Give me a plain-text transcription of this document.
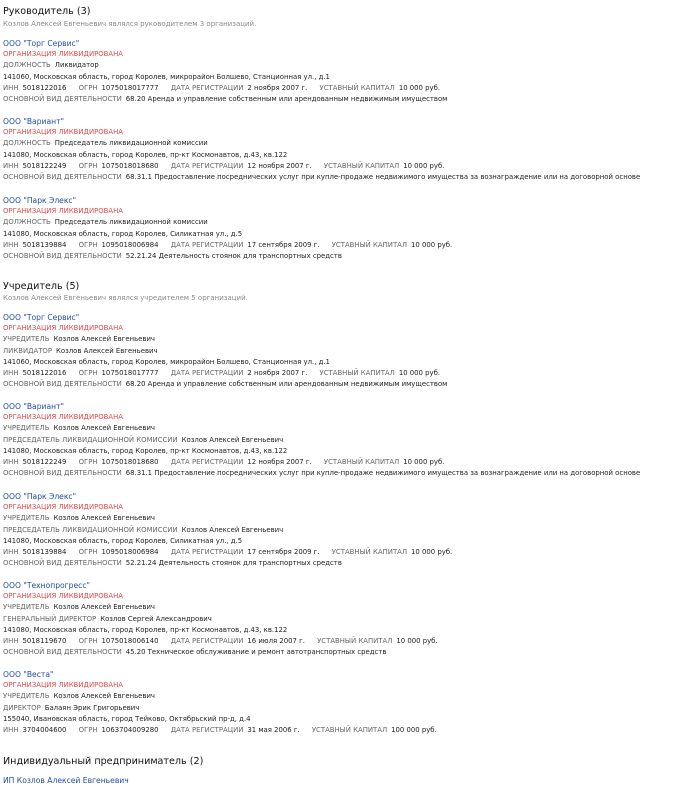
Руководитель (3)
Козлов Алексей Евгеньевич являлся руководителем 3 организаций.
ООО "Торг Сервис"
ОРГАНИЗАЦИЯ ЛИКВИДИРОВАНА
ДОЛЖНОСТЬ Ликвидатор
141060, Московская область, город Королев, микрорайон Болшево, Станционная ул., д.1
ИНН 5018122016 ОГРН 1075018017777 ДАТА РЕГИСТРАЦИИ 2 ноября 2007 г. УСТАВНЫЙ КАПИТАЛ 10 000 руб.
ОСНОВНОЙ ВИД ДЕЯТЕЛЬНОСТИ 68.20 Аренда и управление собственным или арендованным недвижимым имуществом
ООО "Вариант"
ОРГАНИЗАЦИЯ ЛИКВИДИРОВАНА
ДОЛЖНОСТЬ Председатель ликвидационной комиссии
141080, Московская область, город Королев, пр-кт Космонавтов, д.43, кв.122
ИНН 5018122249 ОГРН 1075018018680 ДАТА РЕГИСТРАЦИИ 12 ноября 2007 г. УСТАВНЫЙ КАПИТАЛ 10 000 руб.
ОСНОВНОЙ ВИД ДЕЯТЕЛЬНОСТИ 68.31.1 Предоставление посреднических услуг при купле-продаже недвижимого имущества за вознаграждение или на договорной основе
ООО "Парк Элекс"
ОРГАНИЗАЦИЯ ЛИКВИДИРОВАНА
ДОЛЖНОСТЬ Председатель ликвидационной комиссии
141080, Московская область, город Королев, Силикатная ул., д.5
ИНН 5018139884 ОГРН 1095018006984 ДАТА РЕГИСТРАЦИИ 17 сентября 2009 г. УСТАВНЫЙ КАПИТАЛ 10 000 руб.
ОСНОВНОЙ ВИД ДЕЯТЕЛЬНОСТИ 52.21.24 Деятельность стоянок для транспортных средств
Учредитель (5)
Козлов Алексей Евгеньевич являлся учредителем 5 организаций.
ООО "Торг Сервис"
ОРГАНИЗАЦИЯ ЛИКВИДИРОВАНА
УЧРЕДИТЕЛЬ Козлов Алексей Евгеньевич
ЛИКВИДАТОР Козлов Алексей Евгеньевич
141060, Московская область, город Королев, микрорайон Болшево, Станционная ул., д.1
ИНН 5018122016 ОГРН 1075018017777 ДАТА РЕГИСТРАЦИИ 2 ноября 2007 г. УСТАВНЫЙ КАПИТАЛ 10 000 руб.
ОСНОВНОЙ ВИД ДЕЯТЕЛЬНОСТИ 68.20 Аренда и управление собственным или арендованным недвижимым имуществом
ООО "Вариант"
ОРГАНИЗАЦИЯ ЛИКВИДИРОВАНА
УЧРЕДИТЕЛЬ Козлов Алексей Евгеньевич
ПРЕДСЕДАТЕЛЬ ЛИКВИДАЦИОННОЙ КОМИССИИ Козлов Алексей Евгеньевич
141080, Московская область, город Королев, пр-кт Космонавтов, д.43, кв.122
ИНН 5018122249 ОГРН 1075018018680 ДАТА РЕГИСТРАЦИИ 12 ноября 2007 г. УСТАВНЫЙ КАПИТАЛ 10 000 руб.
ОСНОВНОЙ ВИД ДЕЯТЕЛЬНОСТИ 68.31.1 Предоставление посреднических услуг при купле-продаже недвижимого имущества за вознаграждение или на договорной основе
ООО "Парк Элекс"
ОРГАНИЗАЦИЯ ЛИКВИДИРОВАНА
УЧРЕДИТЕЛЬ Козлов Алексей Евгеньевич
ПРЕДСЕДАТЕЛЬ ЛИКВИДАЦИОННОЙ КОМИССИИ Козлов Алексей Евгеньевич
141080, Московская область, город Королев, Силикатная ул., д.5
ИНН 5018139884 ОГРН 1095018006984 ДАТА РЕГИСТРАЦИИ 17 сентября 2009 г. УСТАВНЫЙ КАПИТАЛ 10 000 руб.
ОСНОВНОЙ ВИД ДЕЯТЕЛЬНОСТИ 52.21.24 Деятельность стоянок для транспортных средств
ООО "Технопрогресс"
ОРГАНИЗАЦИЯ ЛИКВИДИРОВАНА
УЧРЕДИТЕЛЬ Козлов Алексей Евгеньевич
ГЕНЕРАЛЬНЫЙ ДИРЕКТОР Козлов Сергей Александрович
141080, Московская область, город Королев, пр-кт Космонавтов, д.43, кв.122
ИНН 5018119670 ОГРН 1075018006140 ДАТА РЕГИСТРАЦИИ 16 июля 2007 г. УСТАВНЫЙ КАПИТАЛ 10 000 руб.
ОСНОВНОЙ ВИД ДЕЯТЕЛЬНОСТИ 45.20 Техническое обслуживание и ремонт автотранспортных средств
ООО "Веста"
ОРГАНИЗАЦИЯ ЛИКВИДИРОВАНА
УЧРЕДИТЕЛЬ Козлов Алексей Евгеньевич
ДИРЕКТОР Балаян Эрик Григорьевич
155040, Ивановская область, город Тейково, Октябрьский пр-д, д.4
ИНН 3704004600 ОГРН 1063704009280 ДАТА РЕГИСТРАЦИИ 31 мая 2006 г. УСТАВНЫЙ КАПИТАЛ 100 000 руб.
Индивидуальный предприниматель (2)
ИП Козлов Алексей Евгеньевич
